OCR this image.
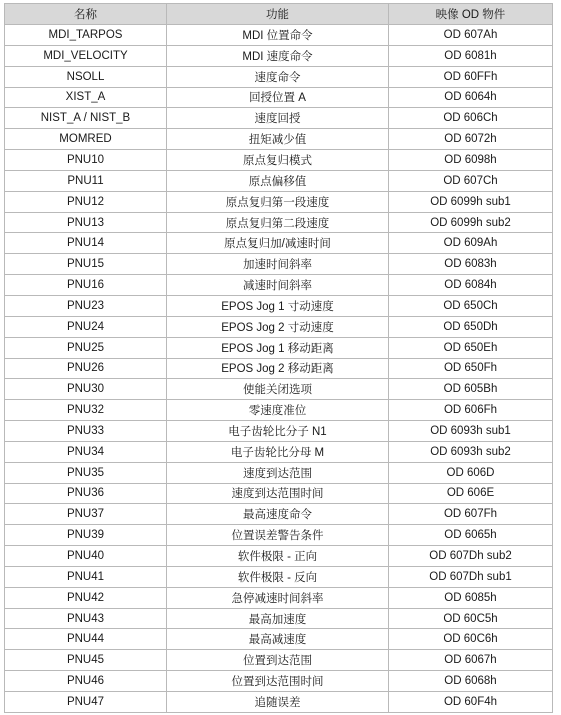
名称	功能	映像 OD 物件
MDI_TARPOS	MDI 位置命令	OD 607Ah
MDI_VELOCITY	MDI 速度命令	OD 6081h
NSOLL	速度命令	OD 60FFh
XIST_A	回授位置 A	OD 6064h
NIST_A / NIST_B	速度回授	OD 606Ch
MOMRED	扭矩减少值	OD 6072h
PNU10	原点复归模式	OD 6098h
PNU11	原点偏移值	OD 607Ch
PNU12	原点复归第一段速度	OD 6099h sub1
PNU13	原点复归第二段速度	OD 6099h sub2
PNU14	原点复归加/减速时间	OD 609Ah
PNU15	加速时间斜率	OD 6083h
PNU16	减速时间斜率	OD 6084h
PNU23	EPOS Jog 1 寸动速度	OD 650Ch
PNU24	EPOS Jog 2 寸动速度	OD 650Dh
PNU25	EPOS Jog 1 移动距离	OD 650Eh
PNU26	EPOS Jog 2 移动距离	OD 650Fh
PNU30	使能关闭选项	OD 605Bh
PNU32	零速度准位	OD 606Fh
PNU33	电子齿轮比分子 N1	OD 6093h sub1
PNU34	电子齿轮比分母 M	OD 6093h sub2
PNU35	速度到达范围	OD 606D
PNU36	速度到达范围时间	OD 606E
PNU37	最高速度命令	OD 607Fh
PNU39	位置误差警告条件	OD 6065h
PNU40	软件极限 - 正向	OD 607Dh sub2
PNU41	软件极限 - 反向	OD 607Dh sub1
PNU42	急停减速时间斜率	OD 6085h
PNU43	最高加速度	OD 60C5h
PNU44	最高减速度	OD 60C6h
PNU45	位置到达范围	OD 6067h
PNU46	位置到达范围时间	OD 6068h
PNU47	追随误差	OD 60F4h
